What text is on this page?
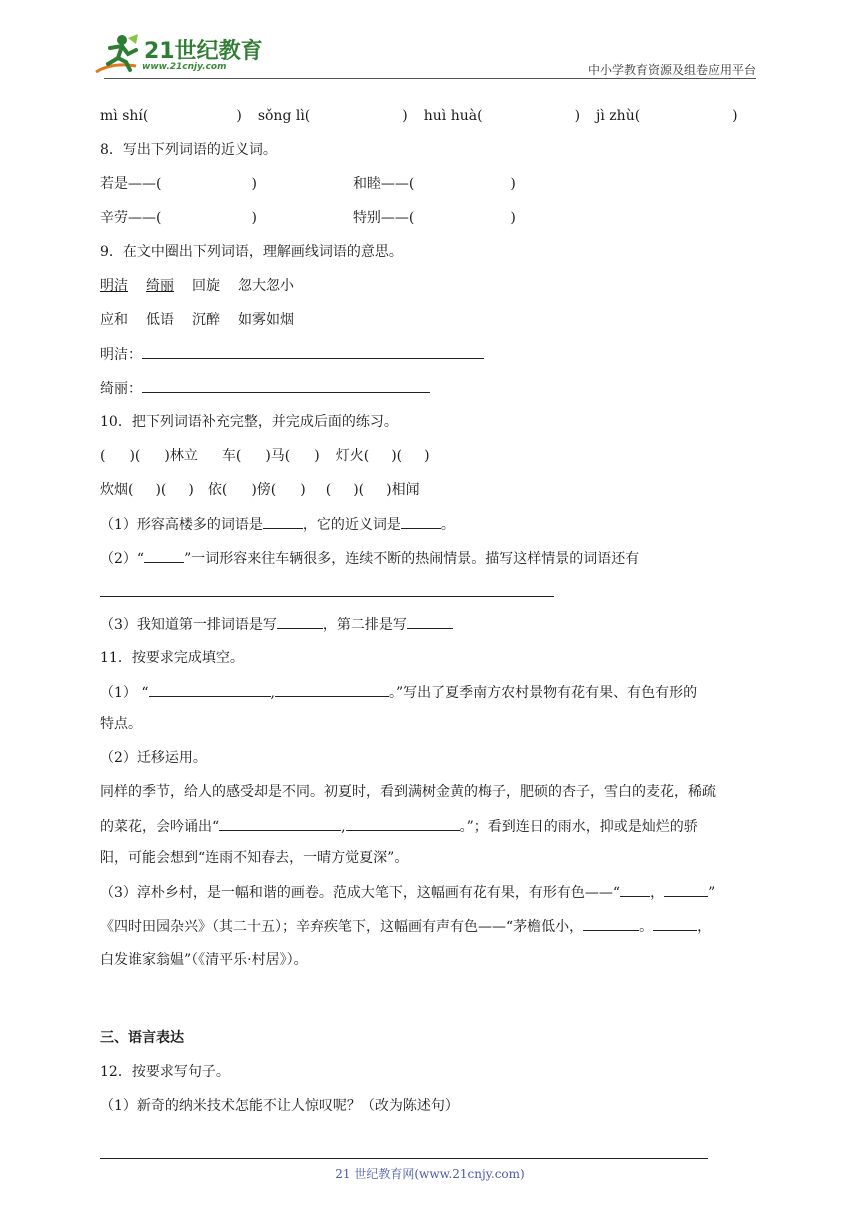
21世纪教育
www.21cnjy.com	中小学教育资源及组卷应用平台
mì shí(	) sǒng lì(	) huì huà(	) jì zhù(	)
8．写出下列词语的近义词。
若是——(	)	和睦——(	)
辛劳——(	)	特别——(	)
9．在文中圈出下列词语，理解画线词语的意思。
明洁 绮丽 回旋 忽大忽小
应和 低语 沉醉 如雾如烟
明洁：
绮丽：
10．把下列词语补充完整，并完成后面的练习。
( )( )林立 车( )马( ) 灯火( )( )
炊烟( )( ) 依( )傍( ) ( )( )相闻
（1）形容高楼多的词语是	，它的近义词是	。
（2）“	”一词形容来往车辆很多，连续不断的热闹情景。描写这样情景的词语还有
（3）我知道第一排词语是写	，第二排是写
11．按要求完成填空。
（1） “	,	。”写出了夏季南方农村景物有花有果、有色有形的
特点。
（2）迁移运用。
同样的季节，给人的感受却是不同。初夏时，看到满树金黄的梅子，肥硕的杏子，雪白的麦花，稀疏
的菜花，会吟诵出“	,	。”；看到连日的雨水，抑或是灿烂的骄
阳，可能会想到“连雨不知春去，一晴方觉夏深”。
（3）淳朴乡村，是一幅和谐的画卷。范成大笔下，这幅画有花有果，有形有色——“ ，	”
《四时田园杂兴》（其二十五）；辛弃疾笔下，这幅画有声有色——“茅檐低小，	。	，
白发谁家翁媪”（《清平乐·村居》）。
三、语言表达
12．按要求写句子。
（1）新奇的纳米技术怎能不让人惊叹呢？（改为陈述句）
21 世纪教育网(www.21cnjy.com)
